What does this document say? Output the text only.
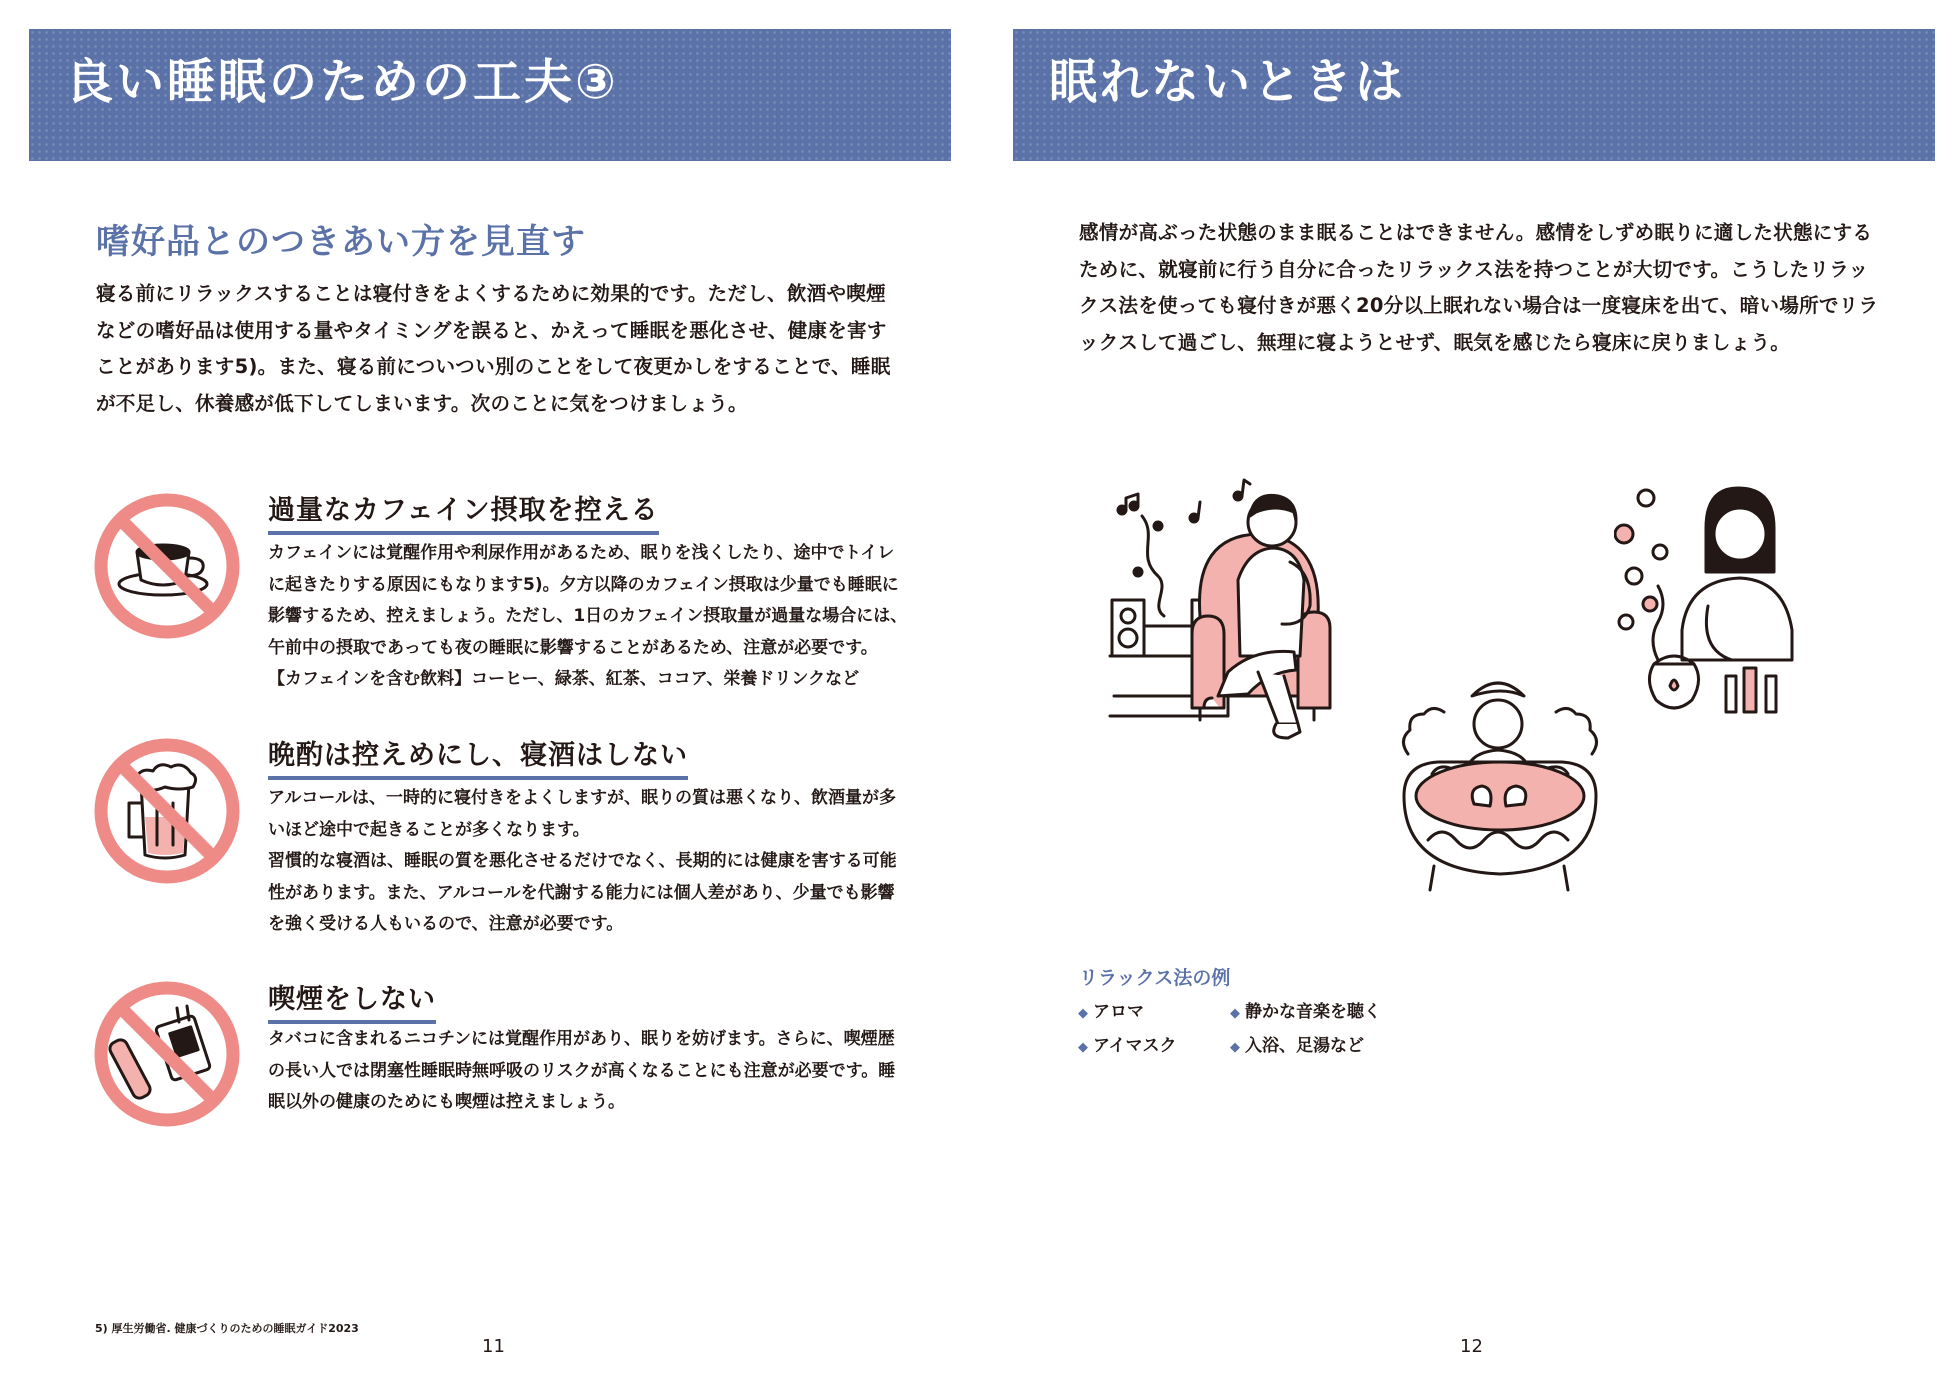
良い睡眠のための工夫③
嗜好品とのつきあい方を見直す

寝る前にリラックスすることは寝付きをよくするために効果的です。ただし、飲酒や喫煙などの嗜好品は使用する量やタイミングを誤ると、かえって睡眠を悪化させ、健康を害すことがあります5)。また、寝る前についつい別のことをして夜更かしをすることで、睡眠が不足し、休養感が低下してしまいます。次のことに気をつけましょう。

過量なカフェイン摂取を控える

カフェインには覚醒作用や利尿作用があるため、眠りを浅くしたり、途中でトイレに起きたりする原因にもなります5)。夕方以降のカフェイン摂取は少量でも睡眠に影響するため、控えましょう。ただし、1日のカフェイン摂取量が過量な場合には、午前中の摂取であっても夜の睡眠に影響することがあるため、注意が必要です。

【カフェインを含む飲料】コーヒー、緑茶、紅茶、ココア、栄養ドリンクなど

晩酌は控えめにし、寝酒はしない

アルコールは、一時的に寝付きをよくしますが、眠りの質は悪くなり、飲酒量が多いほど途中で起きることが多くなります。

習慣的な寝酒は、睡眠の質を悪化させるだけでなく、長期的には健康を害する可能性があります。また、アルコールを代謝する能力には個人差があり、少量でも影響を強く受ける人もいるので、注意が必要です。

喫煙をしない

タバコに含まれるニコチンには覚醒作用があり、眠りを妨げます。さらに、喫煙歴の長い人では閉塞性睡眠時無呼吸のリスクが高くなることにも注意が必要です。睡眠以外の健康のためにも喫煙は控えましょう。

5) 厚生労働省. 健康づくりのための睡眠ガイド2023

11

眠れないときは

感情が高ぶった状態のまま眠ることはできません。感情をしずめ眠りに適した状態にするために、就寝前に行う自分に合ったリラックス法を持つことが大切です。こうしたリラックス法を使っても寝付きが悪く20分以上眠れない場合は一度寝床を出て、暗い場所でリラックスして過ごし、無理に寝ようとせず、眠気を感じたら寝床に戻りましょう。

リラックス法の例

◆ アロマ	◆ 静かな音楽を聴く
◆ アイマスク	◆ 入浴、足湯など

12
